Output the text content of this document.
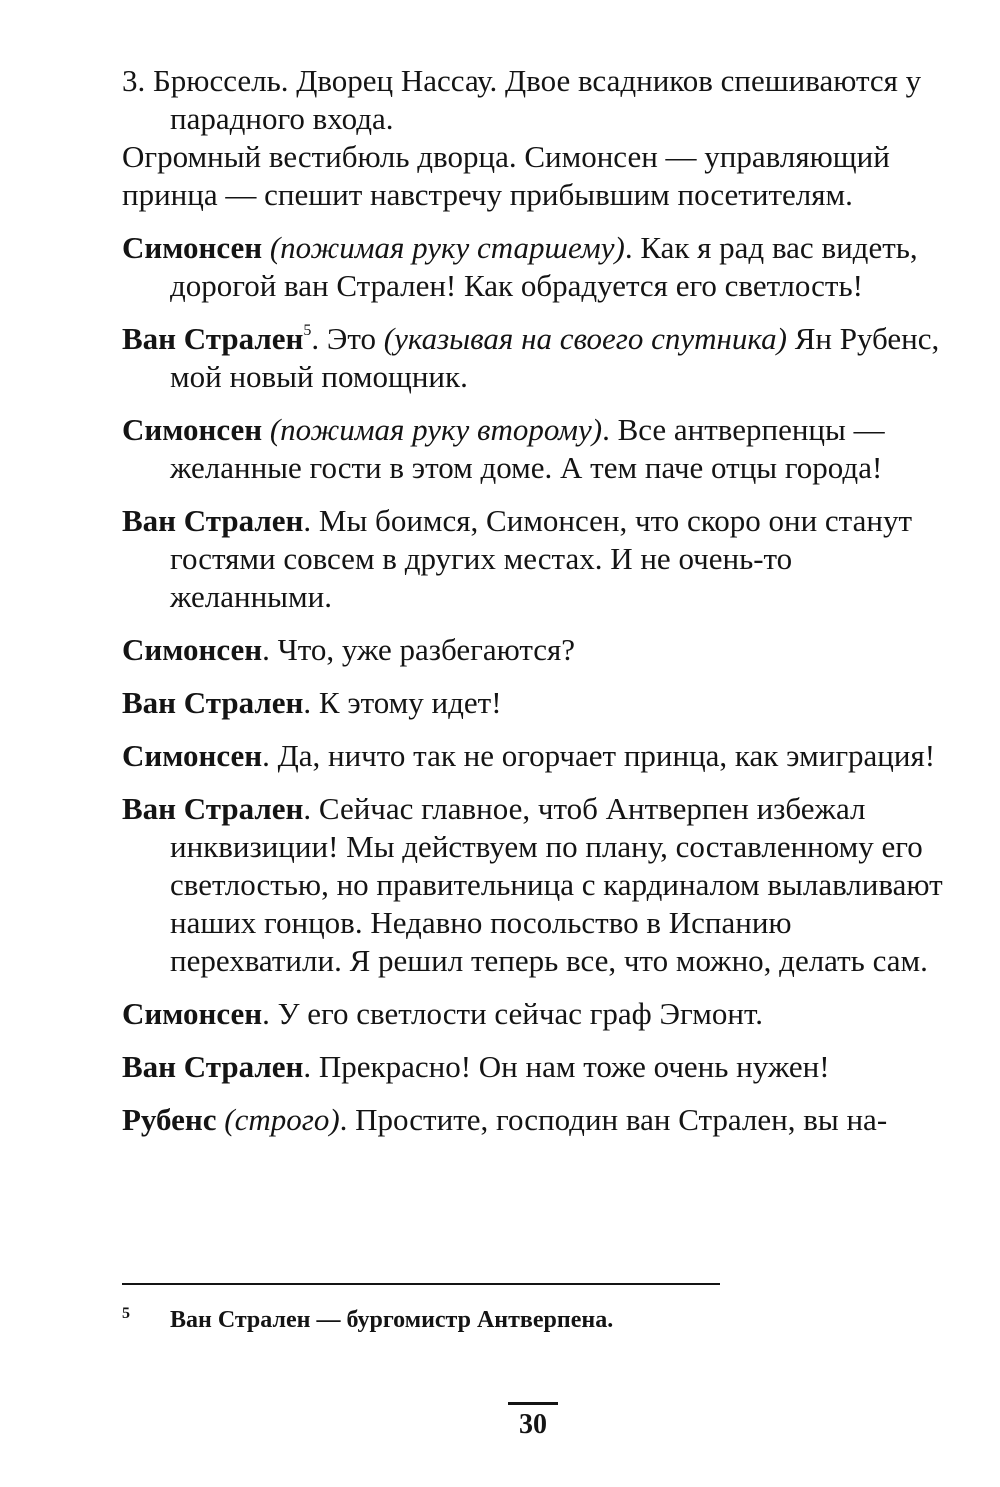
3. Брюссель. Дворец Нассау. Двое всадников спешиваются у парадного входа.

Огромный вестибюль дворца. Симонсен — управляющий принца — спешит навстречу прибывшим посетителям.

Симонсен (пожимая руку старшему). Как я рад вас видеть, дорогой ван Стрален! Как обрадуется его светлость!

Ван Стрален$^5$. Это (указывая на своего спутника) Ян Рубенс, мой новый помощник.

Симонсен (пожимая руку второму). Все антверпенцы — желанные гости в этом доме. А тем паче отцы города!

Ван Стрален. Мы боимся, Симонсен, что скоро они станут гостями совсем в других местах. И не очень-то желанными.

Симонсен. Что, уже разбегаются?

Ван Стрален. К этому идет!

Симонсен. Да, ничто так не огорчает принца, как эмиграция!

Ван Стрален. Сейчас главное, чтоб Антверпен избежал инквизиции! Мы действуем по плану, составленному его светлостью, но правительница с кардиналом вылавливают наших гонцов. Недавно посольство в Испанию перехватили. Я решил теперь все, что можно, делать сам.

Симонсен. У его светлости сейчас граф Эгмонт.

Ван Стрален. Прекрасно! Он нам тоже очень нужен!

Рубенс (строго). Простите, господин ван Стрален, вы на-

5 Ван Стрален — бургомистр Антверпена.
30
